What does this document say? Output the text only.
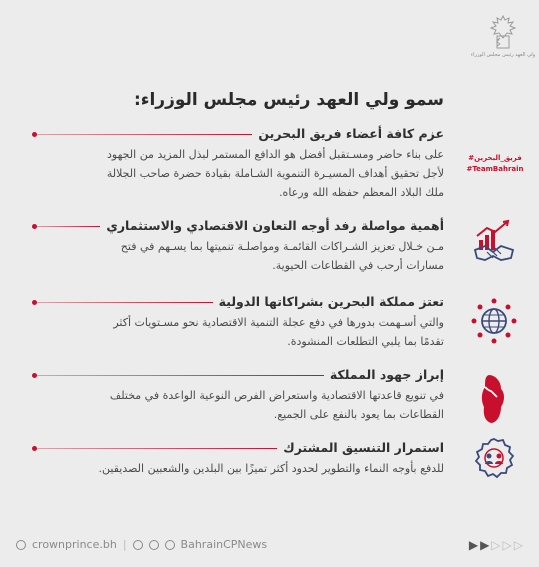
ولي العهد رئيس مجلس الوزراء
سمو ولي العهد رئيس مجلس الوزراء:
عزم كافة أعضاء فريق البحرين
على بناء حاضر ومسـتقبل أفضل هو الدافع المستمر لبذل المزيد من الجهود
لأجل تحقيق أهداف المسيـرة التنموية الشـاملة بقيادة حضرة صاحب الجلالة
ملك البلاد المعظم حفظه الله ورعاه.
#فريق_البحرين
#TeamBahrain
أهمية مواصلة رفد أوجه التعاون الاقتصادي والاستثماري
مـن خـلال تعزيز الشـراكات القائمـة ومواصلـة تنميتها بما يسـهم في فتح
مسارات أرحب في القطاعات الحيوية.
تعتز مملكة البحرين بشراكاتها الدولية
والتي أسـهمت بدورها في دفع عجلة التنمية الاقتصادية نحو مسـتويات أكثر
تقدمًا بما يلبي التطلعات المنشودة.
إبراز جهود المملكة
في تنويع قاعدتها الاقتصادية واستعراض الفرص النوعية الواعدة في مختلف
القطاعات بما يعود بالنفع على الجميع.
استمرار التنسيق المشترك
للدفع بأوجه النماء والتطوير لحدود أكثر تميزًا بين البلدين والشعبين الصديقين.
crownprince.bh |	BahrainCPNews	▶ ▶ ▷ ▷ ▷
